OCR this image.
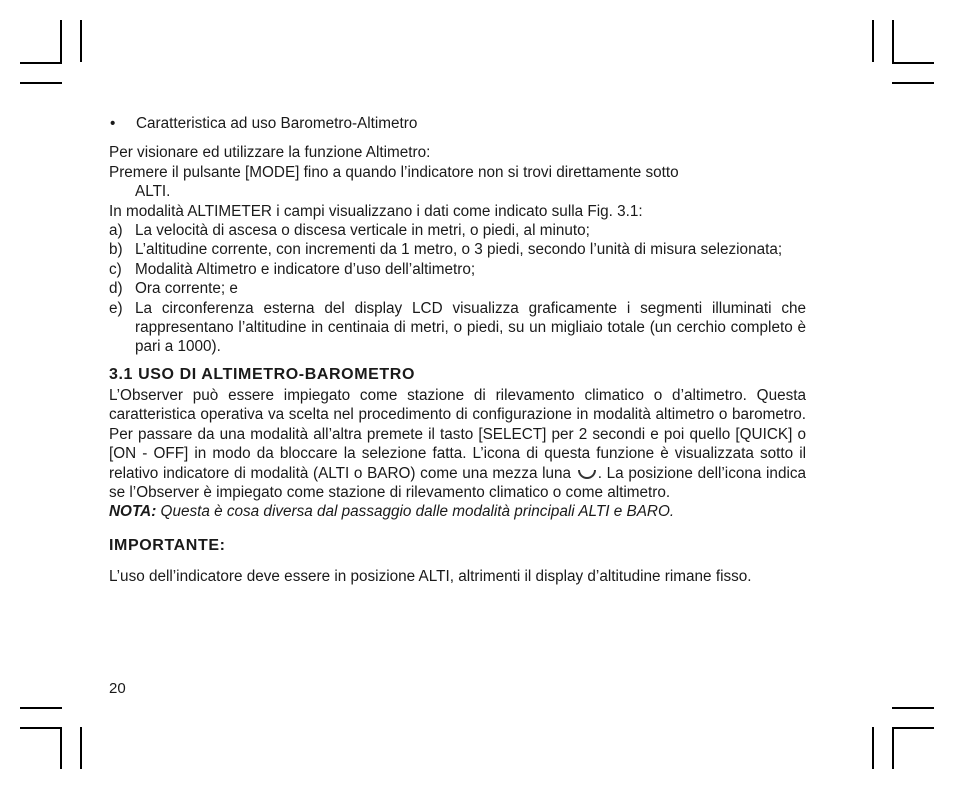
•	Caratteristica ad uso Barometro-Altimetro

Per visionare ed utilizzare la funzione Altimetro:

Premere il pulsante [MODE] fino a quando l’indicatore non si trovi direttamente sotto

ALTI.

In modalità ALTIMETER i campi visualizzano i dati come indicato sulla Fig. 3.1:

a) La velocità di ascesa o discesa verticale in metri, o piedi, al minuto;
b) L’altitudine corrente, con incrementi da 1 metro, o 3 piedi, secondo l’unità di misura selezionata;
c) Modalità Altimetro e indicatore d’uso dell’altimetro;
d) Ora corrente; e
e) La circonferenza esterna del display LCD visualizza graficamente i segmenti illuminati che rappresentano l’altitudine in centinaia di metri, o piedi, su un migliaio totale (un cerchio completo è pari a 1000).
3.1 USO DI ALTIMETRO-BAROMETRO

L’Observer può essere impiegato come stazione di rilevamento climatico o d’altimetro. Questa caratteristica operativa va scelta nel procedimento di configurazione in modalità altimetro o barometro. Per passare da una modalità all’altra premete il tasto [SELECT] per 2 secondi e poi quello [QUICK] o [ON - OFF] in modo da bloccare la selezione fatta. L’icona di questa funzione è visualizzata sotto il relativo indicatore di modalità (ALTI o BARO) come una mezza luna . La posizione dell’icona indica se l’Observer è impiegato come stazione di rilevamento climatico o come altimetro.

NOTA: Questa è cosa diversa dal passaggio dalle modalità principali ALTI e BARO.

IMPORTANTE:

L’uso dell’indicatore deve essere in posizione ALTI, altrimenti il display d’altitudine rimane fisso.

20
